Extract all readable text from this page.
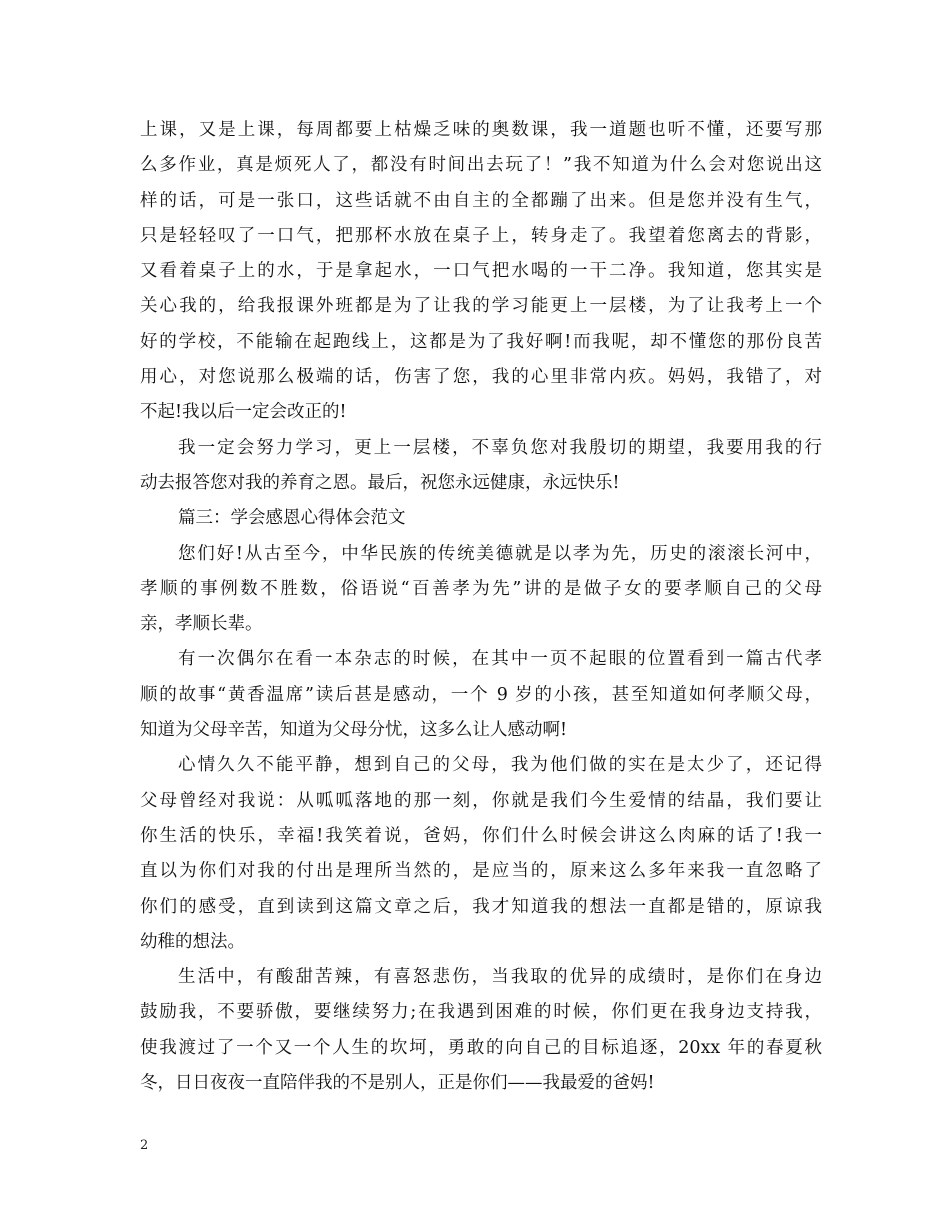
上课，又是上课，每周都要上枯燥乏味的奥数课，我一道题也听不懂，还要写那
么多作业，真是烦死人了，都没有时间出去玩了！”我不知道为什么会对您说出这
样的话，可是一张口，这些话就不由自主的全都蹦了出来。但是您并没有生气，
只是轻轻叹了一口气，把那杯水放在桌子上，转身走了。我望着您离去的背影，
又看着桌子上的水，于是拿起水，一口气把水喝的一干二净。我知道，您其实是
关心我的，给我报课外班都是为了让我的学习能更上一层楼，为了让我考上一个
好的学校，不能输在起跑线上，这都是为了我好啊!而我呢，却不懂您的那份良苦
用心，对您说那么极端的话，伤害了您，我的心里非常内疚。妈妈，我错了，对
不起!我以后一定会改正的!
我一定会努力学习，更上一层楼，不辜负您对我殷切的期望，我要用我的行
动去报答您对我的养育之恩。最后，祝您永远健康，永远快乐!
篇三：学会感恩心得体会范文
您们好!从古至今，中华民族的传统美德就是以孝为先，历史的滚滚长河中，
孝顺的事例数不胜数，俗语说“百善孝为先”讲的是做子女的要孝顺自己的父母
亲，孝顺长辈。
有一次偶尔在看一本杂志的时候，在其中一页不起眼的位置看到一篇古代孝
顺的故事“黄香温席”读后甚是感动，一个 9 岁的小孩，甚至知道如何孝顺父母，
知道为父母辛苦，知道为父母分忧，这多么让人感动啊!
心情久久不能平静，想到自己的父母，我为他们做的实在是太少了，还记得
父母曾经对我说：从呱呱落地的那一刻，你就是我们今生爱情的结晶，我们要让
你生活的快乐，幸福!我笑着说，爸妈，你们什么时候会讲这么肉麻的话了!我一
直以为你们对我的付出是理所当然的，是应当的，原来这么多年来我一直忽略了
你们的感受，直到读到这篇文章之后，我才知道我的想法一直都是错的，原谅我
幼稚的想法。
生活中，有酸甜苦辣，有喜怒悲伤，当我取的优异的成绩时，是你们在身边
鼓励我，不要骄傲，要继续努力;在我遇到困难的时候，你们更在我身边支持我，
使我渡过了一个又一个人生的坎坷，勇敢的向自己的目标追逐，20xx 年的春夏秋
冬，日日夜夜一直陪伴我的不是别人，正是你们——我最爱的爸妈!
2
